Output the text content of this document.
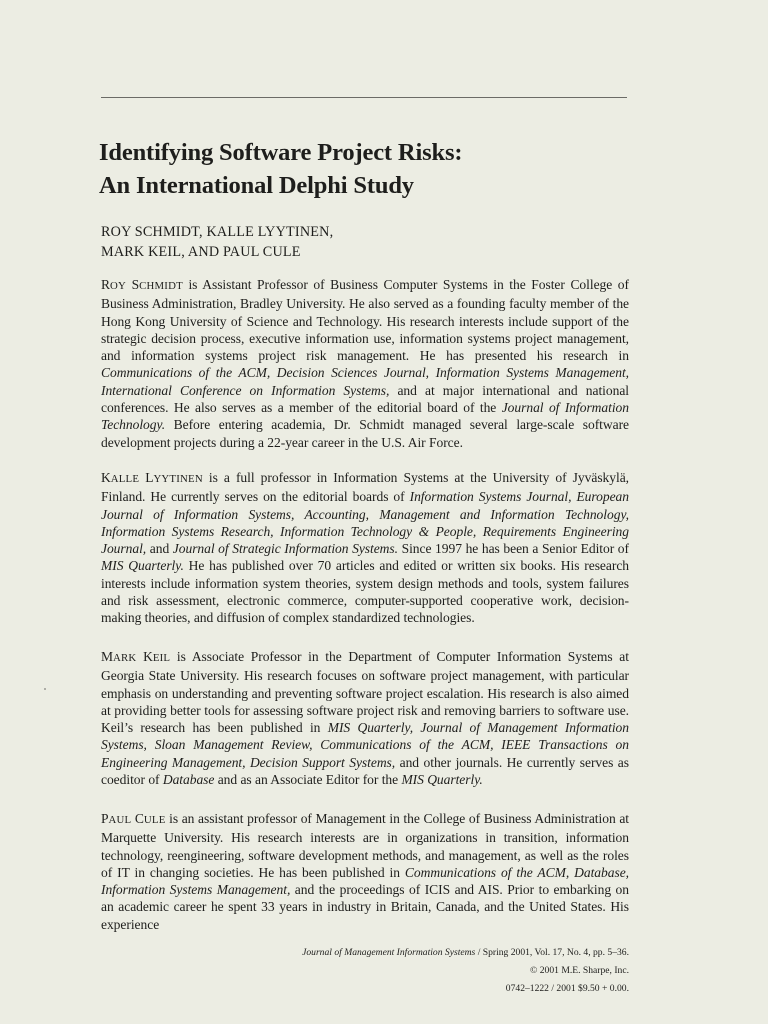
Identifying Software Project Risks:
An International Delphi Study
ROY SCHMIDT, KALLE LYYTINEN,
MARK KEIL, AND PAUL CULE
ROY SCHMIDT is Assistant Professor of Business Computer Systems in the Foster College of Business Administration, Bradley University. He also served as a founding faculty member of the Hong Kong University of Science and Technology. His research interests include support of the strategic decision process, executive information use, information systems project management, and information systems project risk management. He has presented his research in Communications of the ACM, Decision Sciences Journal, Information Systems Management, International Conference on Information Systems, and at major international and national conferences. He also serves as a member of the editorial board of the Journal of Information Technology. Before entering academia, Dr. Schmidt managed several large-scale software development projects during a 22-year career in the U.S. Air Force.
KALLE LYYTINEN is a full professor in Information Systems at the University of Jyväskylä, Finland. He currently serves on the editorial boards of Information Systems Journal, European Journal of Information Systems, Accounting, Management and Information Technology, Information Systems Research, Information Technology & People, Requirements Engineering Journal, and Journal of Strategic Information Systems. Since 1997 he has been a Senior Editor of MIS Quarterly. He has published over 70 articles and edited or written six books. His research interests include information system theories, system design methods and tools, system failures and risk assessment, electronic commerce, computer-supported cooperative work, decision-making theories, and diffusion of complex standardized technologies.
MARK KEIL is Associate Professor in the Department of Computer Information Systems at Georgia State University. His research focuses on software project management, with particular emphasis on understanding and preventing software project escalation. His research is also aimed at providing better tools for assessing software project risk and removing barriers to software use. Keil’s research has been published in MIS Quarterly, Journal of Management Information Systems, Sloan Management Review, Communications of the ACM, IEEE Transactions on Engineering Management, Decision Support Systems, and other journals. He currently serves as coeditor of Database and as an Associate Editor for the MIS Quarterly.
PAUL CULE is an assistant professor of Management in the College of Business Administration at Marquette University. His research interests are in organizations in transition, information technology, reengineering, software development methods, and management, as well as the roles of IT in changing societies. He has been published in Communications of the ACM, Database, Information Systems Management, and the proceedings of ICIS and AIS. Prior to embarking on an academic career he spent 33 years in industry in Britain, Canada, and the United States. His experience
Journal of Management Information Systems / Spring 2001, Vol. 17, No. 4, pp. 5–36.
© 2001 M.E. Sharpe, Inc.
0742–1222 / 2001 $9.50 + 0.00.
